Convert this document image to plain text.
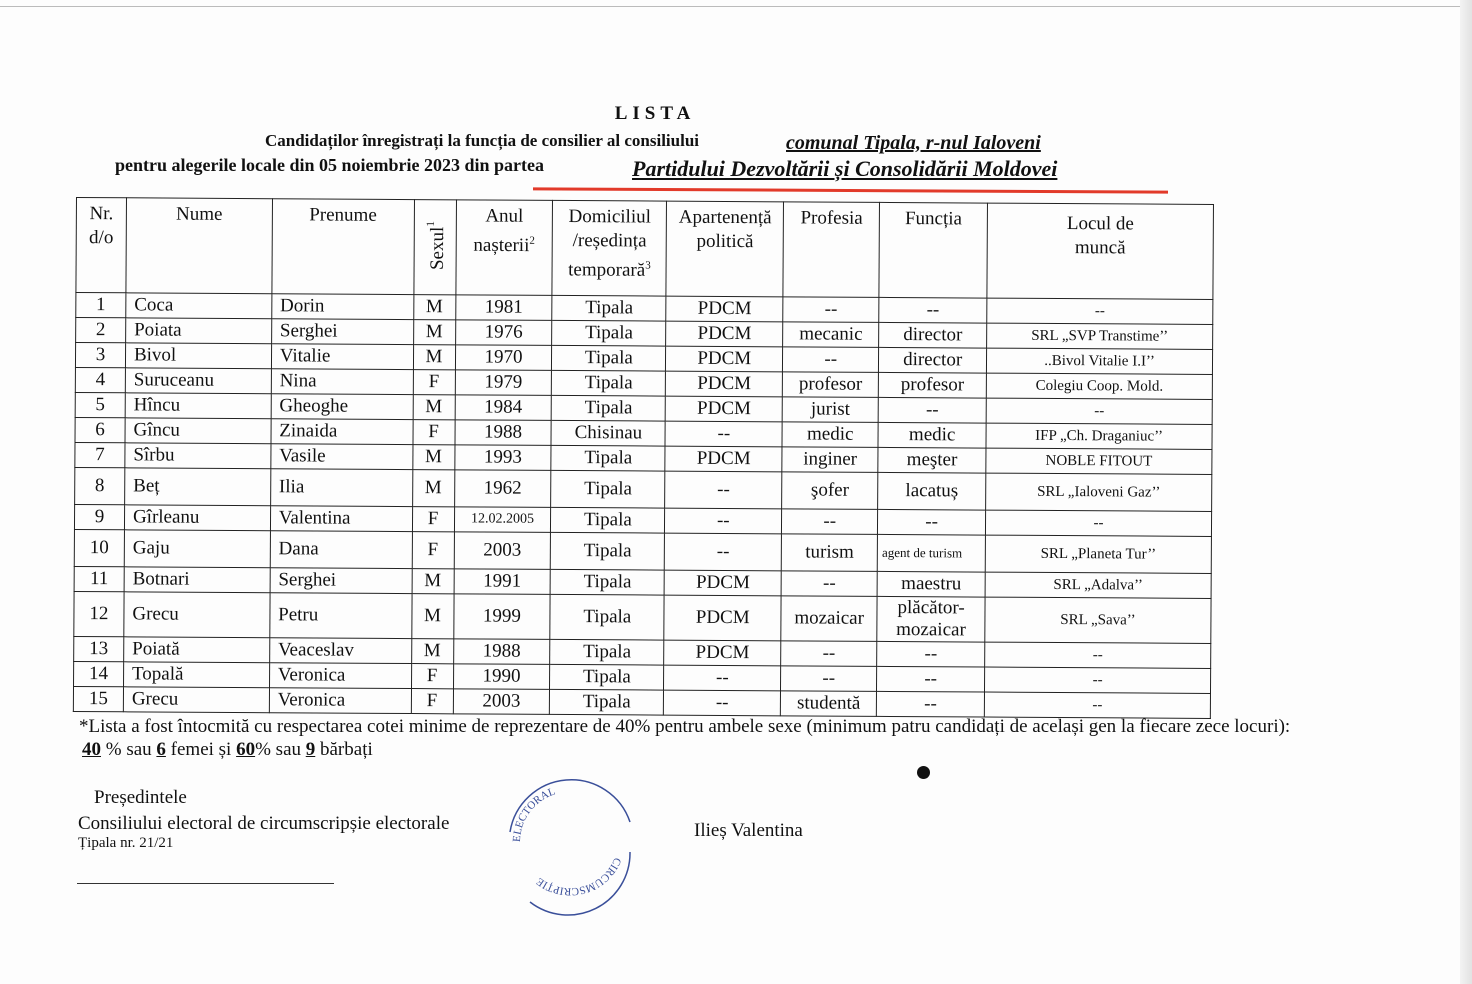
LISTA
Candidaților înregistrați la funcția de consilier al consiliului	comunal Tipala, r-nul Ialoveni
pentru alegerile locale din 05 noiembrie 2023 din partea	Partidului Dezvoltării și Consolidării Moldovei
Nr. d/o	Nume	Prenume	Sexul$^1$	Anul nașterii$^2$	Domiciliul /reședința temporară$^3$	Apartenență politică	Profesia	Funcția	Locul de muncă
1	Coca	Dorin	M	1981	Tipala	PDCM	--	--	--
2	Poiata	Serghei	M	1976	Tipala	PDCM	mecanic	director	SRL „SVP Transtime’’
3	Bivol	Vitalie	M	1970	Tipala	PDCM	--	director	..Bivol Vitalie I.I’’
4	Suruceanu	Nina	F	1979	Tipala	PDCM	profesor	profesor	Colegiu Coop. Mold.
5	Hîncu	Gheoghe	M	1984	Tipala	PDCM	jurist	--	--
6	Gîncu	Zinaida	F	1988	Chisinau	--	medic	medic	IFP „Ch. Draganiuc’’
7	Sîrbu	Vasile	M	1993	Tipala	PDCM	inginer	meşter	NOBLE FITOUT
8	Beț	Ilia	M	1962	Tipala	--	şofer	lacatuș	SRL „Ialoveni Gaz’’
9	Gîrleanu	Valentina	F	12.02.2005	Tipala	--	--	--	--
10	Gaju	Dana	F	2003	Tipala	--	turism	agent de turism	SRL „Planeta Tur’’
11	Botnari	Serghei	M	1991	Tipala	PDCM	--	maestru	SRL „Adalva’’
12	Grecu	Petru	M	1999	Tipala	PDCM	mozaicar	plăcător-mozaicar	SRL „Sava’’
13	Poiată	Veaceslav	M	1988	Tipala	PDCM	--	--	--
14	Topală	Veronica	F	1990	Tipala	--	--	--	--
15	Grecu	Veronica	F	2003	Tipala	--	studentă	--	--
*Lista a fost întocmită cu respectarea cotei minime de reprezentare de 40% pentru ambele sexe (minimum patru candidați de același gen la fiecare zece locuri):
40 % sau 6 femei și 60% sau 9 bărbați
Președintele
Consiliului electoral de circumscripșie electorale
Țipala nr. 21/21
Ilieș Valentina
ELECTORAL
CIRCUMSCRIPȚIE
